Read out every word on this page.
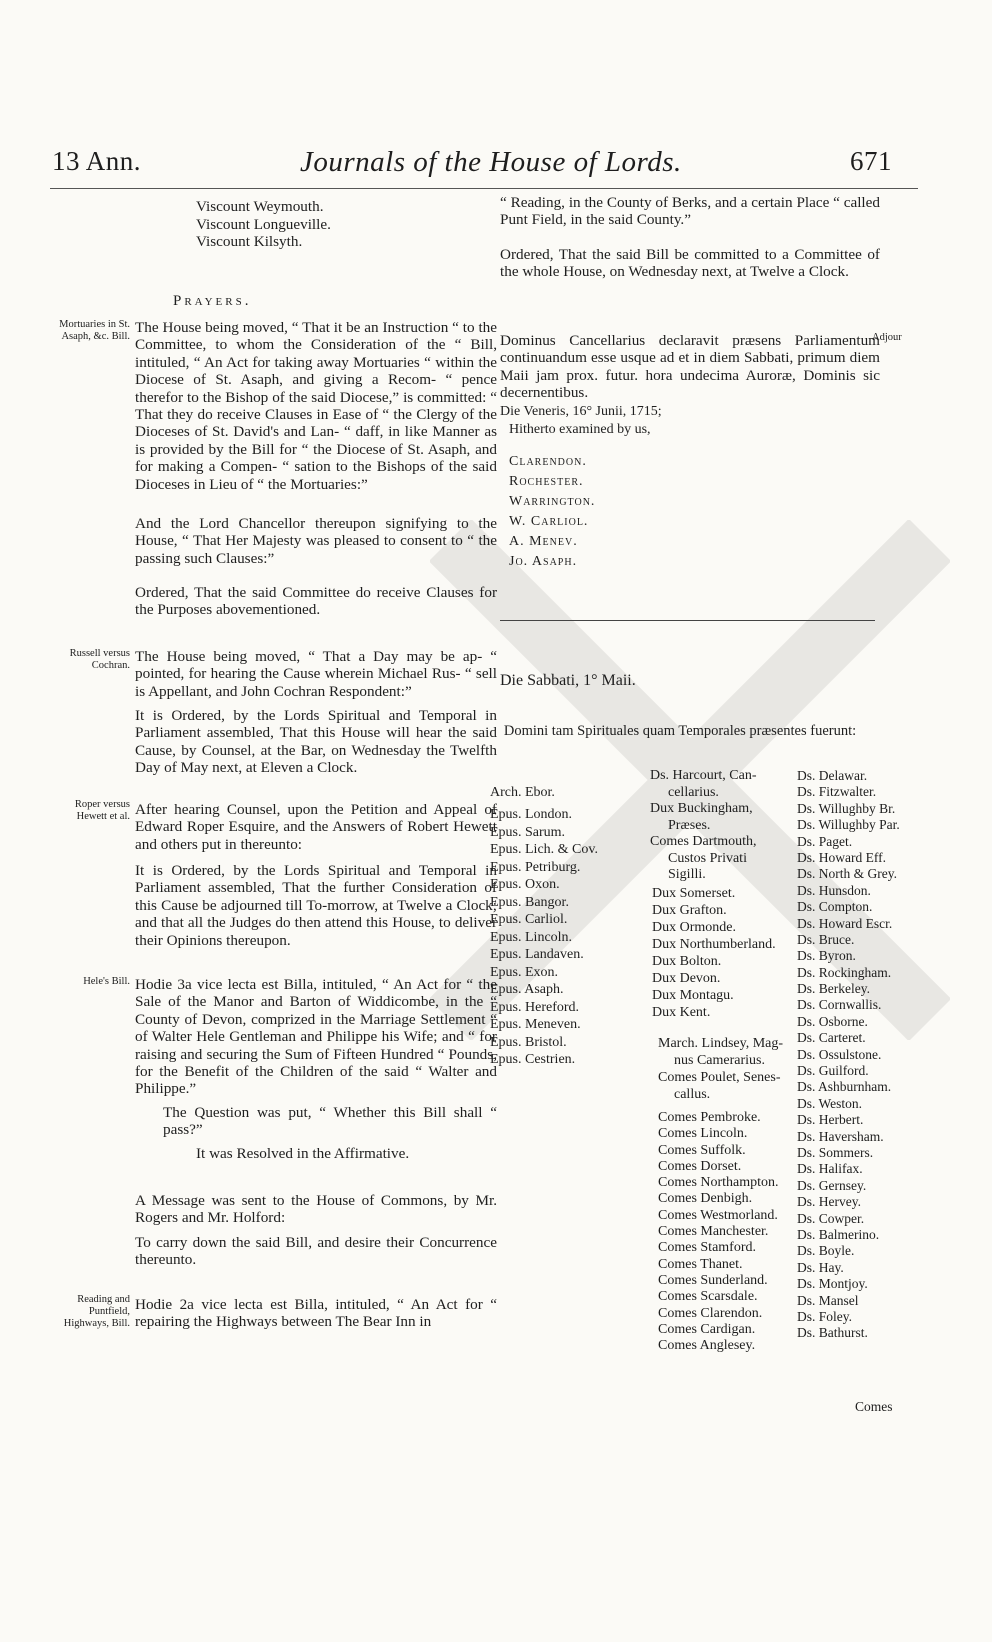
13 Ann.	Journals of the House of Lords.	671
Viscount Weymouth.
Viscount Longueville.
Viscount Kilsyth.
Prayers.
Mortuaries in St. Asaph, &c. Bill.

The House being moved, “ That it be an Instruction “ to the Committee, to whom the Consideration of the “ Bill, intituled, “ An Act for taking away Mortuaries “ within the Diocese of St. Asaph, and giving a Recom- “ pence therefor to the Bishop of the said Diocese,” is committed: “ That they do receive Clauses in Ease of “ the Clergy of the Dioceses of St. David's and Lan- “ daff, in like Manner as is provided by the Bill for “ the Diocese of St. Asaph, and for making a Compen- “ sation to the Bishops of the said Dioceses in Lieu of “ the Mortuaries:”

And the Lord Chancellor thereupon signifying to the House, “ That Her Majesty was pleased to consent to “ the passing such Clauses:”

Ordered, That the said Committee do receive Clauses for the Purposes abovementioned.

Russell versus Cochran.

The House being moved, “ That a Day may be ap- “ pointed, for hearing the Cause wherein Michael Rus- “ sell is Appellant, and John Cochran Respondent:”

It is Ordered, by the Lords Spiritual and Temporal in Parliament assembled, That this House will hear the said Cause, by Counsel, at the Bar, on Wednesday the Twelfth Day of May next, at Eleven a Clock.

Roper versus Hewett et al. After hearing Counsel, upon the Petition and Appeal of Edward Roper Esquire, and the Answers of Robert Hewett and others put in thereunto:

It is Ordered, by the Lords Spiritual and Temporal in Parliament assembled, That the further Consideration of this Cause be adjourned till To-morrow, at Twelve a Clock; and that all the Judges do then attend this House, to deliver their Opinions thereupon.

Hele's Bill. Hodie 3a vice lecta est Billa, intituled, “ An Act for “ the Sale of the Manor and Barton of Widdicombe, in the “ County of Devon, comprized in the Marriage Settlement “ of Walter Hele Gentleman and Philippe his Wife; and “ for raising and securing the Sum of Fifteen Hundred “ Pounds, for the Benefit of the Children of the said “ Walter and Philippe.”

The Question was put, “ Whether this Bill shall “ pass?”

It was Resolved in the Affirmative.

A Message was sent to the House of Commons, by Mr. Rogers and Mr. Holford:

To carry down the said Bill, and desire their Concurrence thereunto.

Reading and Puntfield, Highways, Bill.

Hodie 2a vice lecta est Billa, intituled, “ An Act for “ repairing the Highways between The Bear Inn in

“ Reading, in the County of Berks, and a certain Place “ called Punt Field, in the said County.”

Ordered, That the said Bill be committed to a Committee of the whole House, on Wednesday next, at Twelve a Clock.

Adjour

Dominus Cancellarius declaravit præsens Parliamentum continuandum esse usque ad et in diem Sabbati, primum diem Maii jam prox. futur. hora undecima Auroræ, Dominis sic decernentibus.

Die Veneris, 16° Junii, 1715;
Hitherto examined by us,
Clarendon.
Rochester.
Warrington.
W. Carliol.
A. Menev.
Jo. Asaph.
Die Sabbati, 1° Maii.
Domini tam Spirituales quam Temporales præsentes fuerunt:
Arch. Ebor.
Epus. London.
Epus. Sarum.
Epus. Lich. & Cov.
Epus. Petriburg.
Epus. Oxon.
Epus. Bangor.
Epus. Carliol.
Epus. Lincoln.
Epus. Landaven.
Epus. Exon.
Epus. Asaph.
Epus. Hereford.
Epus. Meneven.
Epus. Bristol.
Epus. Cestrien.
Ds. Harcourt, Can-
cellarius.
Dux Buckingham,
Præses.
Comes Dartmouth,
Custos Privati
Sigilli.
Dux Somerset.
Dux Grafton.
Dux Ormonde.
Dux Northumberland.
Dux Bolton.
Dux Devon.
Dux Montagu.
Dux Kent.
March. Lindsey, Mag-
nus Camerarius.
Comes Poulet, Senes-
callus.
Comes Pembroke.
Comes Lincoln.
Comes Suffolk.
Comes Dorset.
Comes Northampton.
Comes Denbigh.
Comes Westmorland.
Comes Manchester.
Comes Stamford.
Comes Thanet.
Comes Sunderland.
Comes Scarsdale.
Comes Clarendon.
Comes Cardigan.
Comes Anglesey.
Ds. Delawar.
Ds. Fitzwalter.
Ds. Willughby Br.
Ds. Willughby Par.
Ds. Paget.
Ds. Howard Eff.
Ds. North & Grey.
Ds. Hunsdon.
Ds. Compton.
Ds. Howard Escr.
Ds. Bruce.
Ds. Byron.
Ds. Rockingham.
Ds. Berkeley.
Ds. Cornwallis.
Ds. Osborne.
Ds. Carteret.
Ds. Ossulstone.
Ds. Guilford.
Ds. Ashburnham.
Ds. Weston.
Ds. Herbert.
Ds. Haversham.
Ds. Sommers.
Ds. Halifax.
Ds. Gernsey.
Ds. Hervey.
Ds. Cowper.
Ds. Balmerino.
Ds. Boyle.
Ds. Hay.
Ds. Montjoy.
Ds. Mansel
Ds. Foley.
Ds. Bathurst.
Comes
